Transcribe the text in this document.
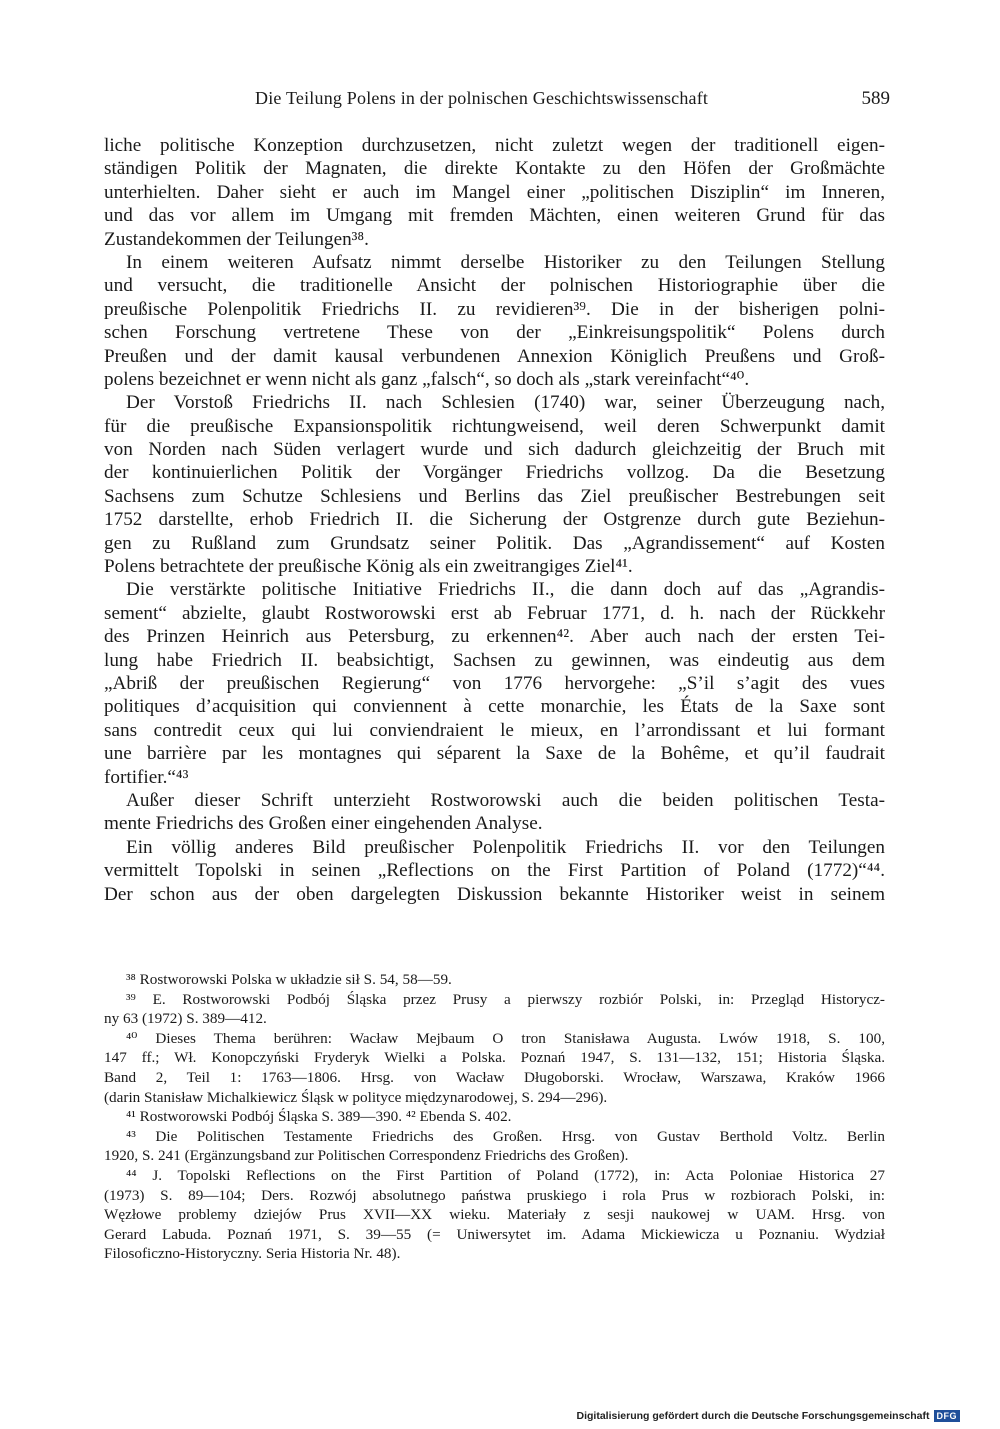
Die Teilung Polens in der polnischen Geschichtswissenschaft	589
liche politische Konzeption durchzusetzen, nicht zuletzt wegen der traditionell eigen-
ständigen Politik der Magnaten, die direkte Kontakte zu den Höfen der Großmächte
unterhielten. Daher sieht er auch im Mangel einer „politischen Disziplin“ im Inneren,
und das vor allem im Umgang mit fremden Mächten, einen weiteren Grund für das
Zustandekommen der Teilungen³⁸.
In einem weiteren Aufsatz nimmt derselbe Historiker zu den Teilungen Stellung
und versucht, die traditionelle Ansicht der polnischen Historiographie über die
preußische Polenpolitik Friedrichs II. zu revidieren³⁹. Die in der bisherigen polni-
schen Forschung vertretene These von der „Einkreisungspolitik“ Polens durch
Preußen und der damit kausal verbundenen Annexion Königlich Preußens und Groß-
polens bezeichnet er wenn nicht als ganz „falsch“, so doch als „stark vereinfacht“⁴⁰.
Der Vorstoß Friedrichs II. nach Schlesien (1740) war, seiner Überzeugung nach,
für die preußische Expansionspolitik richtungweisend, weil deren Schwerpunkt damit
von Norden nach Süden verlagert wurde und sich dadurch gleichzeitig der Bruch mit
der kontinuierlichen Politik der Vorgänger Friedrichs vollzog. Da die Besetzung
Sachsens zum Schutze Schlesiens und Berlins das Ziel preußischer Bestrebungen seit
1752 darstellte, erhob Friedrich II. die Sicherung der Ostgrenze durch gute Beziehun-
gen zu Rußland zum Grundsatz seiner Politik. Das „Agrandissement“ auf Kosten
Polens betrachtete der preußische König als ein zweitrangiges Ziel⁴¹.
Die verstärkte politische Initiative Friedrichs II., die dann doch auf das „Agrandis-
sement“ abzielte, glaubt Rostworowski erst ab Februar 1771, d. h. nach der Rückkehr
des Prinzen Heinrich aus Petersburg, zu erkennen⁴². Aber auch nach der ersten Tei-
lung habe Friedrich II. beabsichtigt, Sachsen zu gewinnen, was eindeutig aus dem
„Abriß der preußischen Regierung“ von 1776 hervorgehe: „S’il s’agit des vues
politiques d’acquisition qui conviennent à cette monarchie, les États de la Saxe sont
sans contredit ceux qui lui conviendraient le mieux, en l’arrondissant et lui formant
une barrière par les montagnes qui séparent la Saxe de la Bohême, et qu’il faudrait
fortifier.“⁴³
Außer dieser Schrift unterzieht Rostworowski auch die beiden politischen Testa-
mente Friedrichs des Großen einer eingehenden Analyse.
Ein völlig anderes Bild preußischer Polenpolitik Friedrichs II. vor den Teilungen
vermittelt Topolski in seinen „Reflections on the First Partition of Poland (1772)“⁴⁴.
Der schon aus der oben dargelegten Diskussion bekannte Historiker weist in seinem
³⁸ Rostworowski Polska w układzie sił S. 54, 58—59.
³⁹ E. Rostworowski Podbój Śląska przez Prusy a pierwszy rozbiór Polski, in: Przegląd Historycz-
ny 63 (1972) S. 389—412.
⁴⁰ Dieses Thema berühren: Wacław Mejbaum O tron Stanisława Augusta. Lwów 1918, S. 100,
147 ff.; Wł. Konopczyński Fryderyk Wielki a Polska. Poznań 1947, S. 131—132, 151; Historia Śląska.
Band 2, Teil 1: 1763—1806. Hrsg. von Wacław Długoborski. Wrocław, Warszawa, Kraków 1966
(darin Stanisław Michalkiewicz Śląsk w polityce międzynarodowej, S. 294—296).
⁴¹ Rostworowski Podbój Śląska S. 389—390. ⁴² Ebenda S. 402.
⁴³ Die Politischen Testamente Friedrichs des Großen. Hrsg. von Gustav Berthold Voltz. Berlin
1920, S. 241 (Ergänzungsband zur Politischen Correspondenz Friedrichs des Großen).
⁴⁴ J. Topolski Reflections on the First Partition of Poland (1772), in: Acta Poloniae Historica 27
(1973) S. 89—104; Ders. Rozwój absolutnego państwa pruskiego i rola Prus w rozbiorach Polski, in:
Węzłowe problemy dziejów Prus XVII—XX wieku. Materiały z sesji naukowej w UAM. Hrsg. von
Gerard Labuda. Poznań 1971, S. 39—55 (= Uniwersytet im. Adama Mickiewicza u Poznaniu. Wydział
Filosoficzno-Historyczny. Seria Historia Nr. 48).
Digitalisierung gefördert durch die Deutsche Forschungsgemeinschaft DFG
